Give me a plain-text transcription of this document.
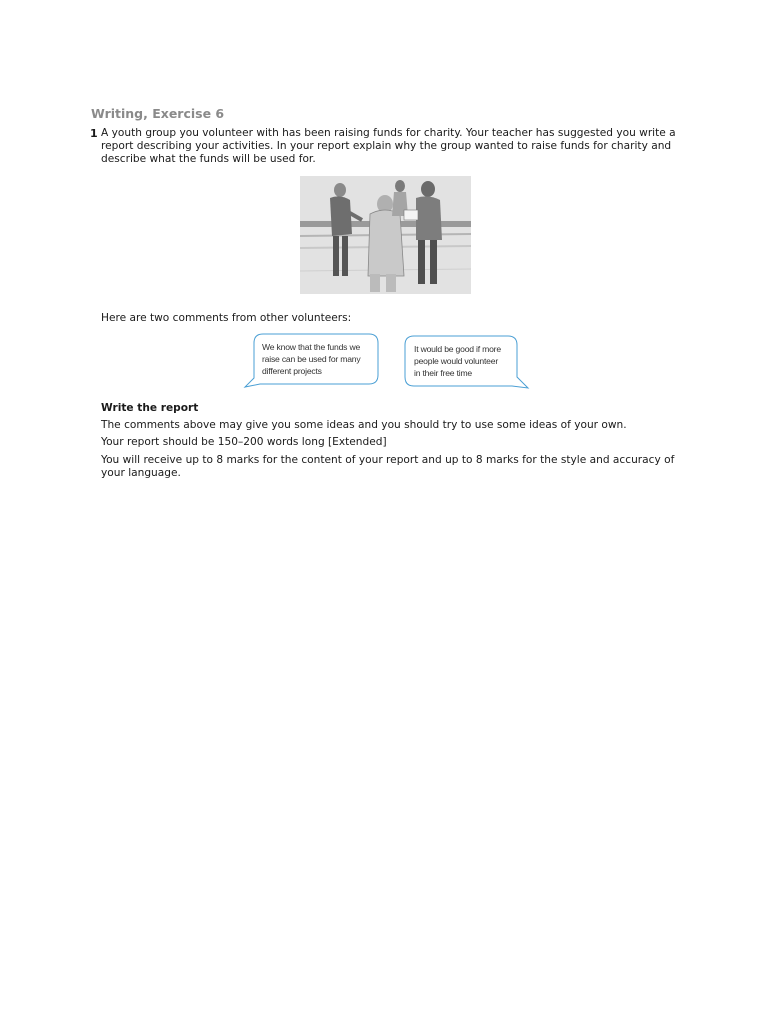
Writing, Exercise 6
1 A youth group you volunteer with has been raising funds for charity. Your teacher has suggested you write a report describing your activities. In your report explain why the group wanted to raise funds for charity and describe what the funds will be used for.
Here are two comments from other volunteers:
We know that the funds we
raise can be used for many
different projects
It would be good if more
people would volunteer
in their free time
Write the report
The comments above may give you some ideas and you should try to use some ideas of your own.
Your report should be 150–200 words long [Extended]
You will receive up to 8 marks for the content of your report and up to 8 marks for the style and accuracy of your language.
